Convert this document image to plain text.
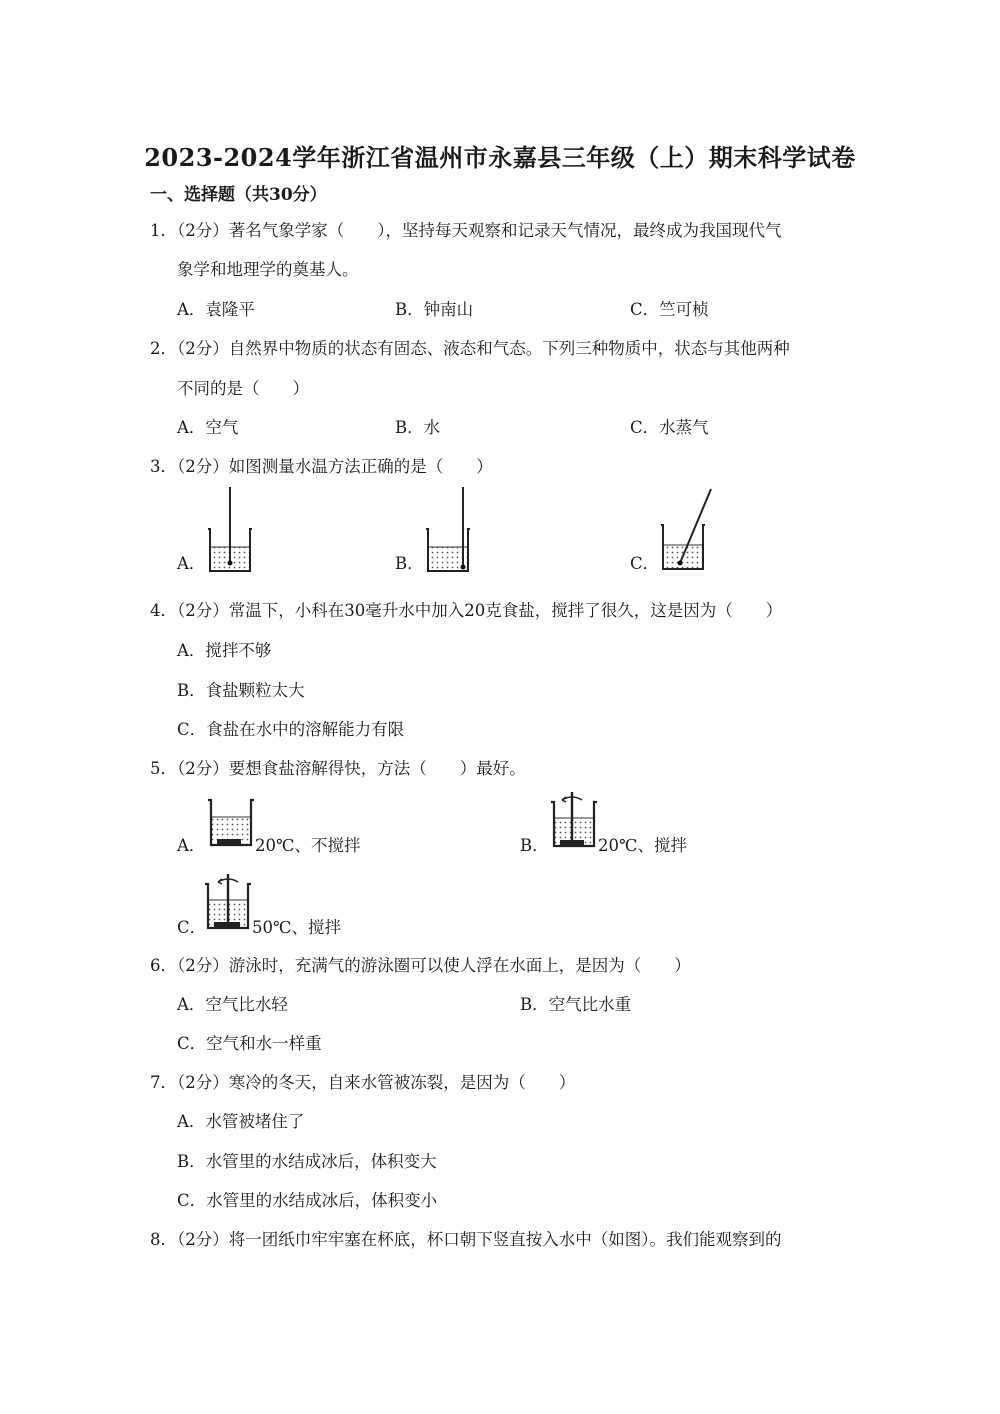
2023-2024学年浙江省温州市永嘉县三年级（上）期末科学试卷
一、选择题（共30分）
1．（2分）著名气象学家（　　），坚持每天观察和记录天气情况，最终成为我国现代气
象学和地理学的奠基人。
A．袁隆平	B．钟南山	C．竺可桢
2．（2分）自然界中物质的状态有固态、液态和气态。下列三种物质中，状态与其他两种
不同的是（　　）
A．空气	B．水	C．水蒸气
3．（2分）如图测量水温方法正确的是（　　）
A．	B．	C．
4．（2分）常温下，小科在30毫升水中加入20克食盐，搅拌了很久，这是因为（　　）
A．搅拌不够
B．食盐颗粒太大
C．食盐在水中的溶解能力有限
5．（2分）要想食盐溶解得快，方法（　　）最好。
A．	20℃、不搅拌	B．	20℃、搅拌
C．	50℃、搅拌
6．（2分）游泳时，充满气的游泳圈可以使人浮在水面上，是因为（　　）
A．空气比水轻	B．空气比水重
C．空气和水一样重
7．（2分）寒冷的冬天，自来水管被冻裂，是因为（　　）
A．水管被堵住了
B．水管里的水结成冰后，体积变大
C．水管里的水结成冰后，体积变小
8．（2分）将一团纸巾牢牢塞在杯底，杯口朝下竖直按入水中（如图）。我们能观察到的
